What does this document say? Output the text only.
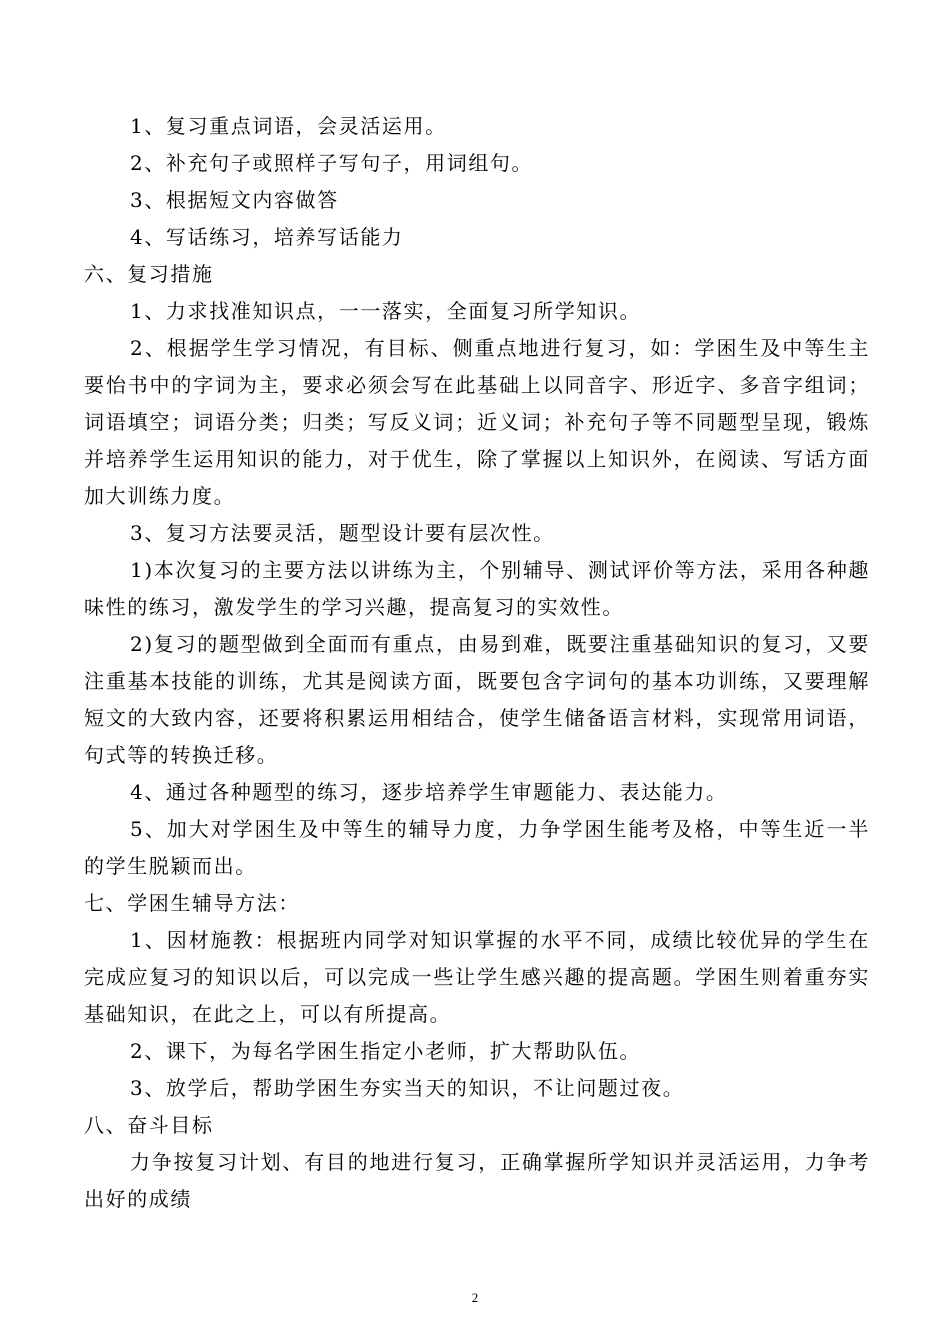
1、复习重点词语，会灵活运用。

2、补充句子或照样子写句子，用词组句。

3、根据短文内容做答

4、写话练习，培养写话能力

六、复习措施

1、力求找准知识点，一一落实，全面复习所学知识。

2、根据学生学习情况，有目标、侧重点地进行复习，如：学困生及中等生主要怡书中的字词为主，要求必须会写在此基础上以同音字、形近字、多音字组词；词语填空；词语分类；归类；写反义词；近义词；补充句子等不同题型呈现，锻炼并培养学生运用知识的能力，对于优生，除了掌握以上知识外，在阅读、写话方面加大训练力度。

3、复习方法要灵活，题型设计要有层次性。

1)本次复习的主要方法以讲练为主，个别辅导、测试评价等方法，采用各种趣味性的练习，激发学生的学习兴趣，提高复习的实效性。

2)复习的题型做到全面而有重点，由易到难，既要注重基础知识的复习，又要注重基本技能的训练，尤其是阅读方面，既要包含字词句的基本功训练，又要理解短文的大致内容，还要将积累运用相结合，使学生储备语言材料，实现常用词语，句式等的转换迁移。

4、通过各种题型的练习，逐步培养学生审题能力、表达能力。

5、加大对学困生及中等生的辅导力度，力争学困生能考及格，中等生近一半的学生脱颖而出。

七、学困生辅导方法：

1、因材施教：根据班内同学对知识掌握的水平不同，成绩比较优异的学生在完成应复习的知识以后，可以完成一些让学生感兴趣的提高题。学困生则着重夯实基础知识，在此之上，可以有所提高。

2、课下，为每名学困生指定小老师，扩大帮助队伍。

3、放学后，帮助学困生夯实当天的知识，不让问题过夜。

八、奋斗目标

力争按复习计划、有目的地进行复习，正确掌握所学知识并灵活运用，力争考出好的成绩

2
